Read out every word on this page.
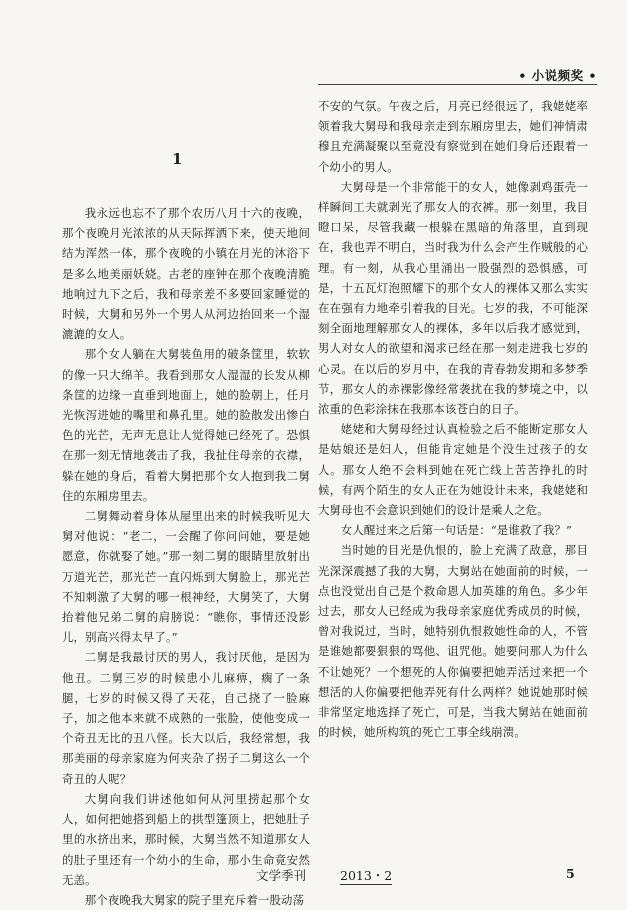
• 小说频奖 •
1

我永远也忘不了那个农历八月十六的夜晚，那个夜晚月光浓浓的从天际挥洒下来，使天地间结为浑然一体，那个夜晚的小镇在月光的沐浴下是多么地美丽妖娆。古老的座钟在那个夜晚清脆地响过九下之后，我和母亲差不多要回家睡觉的时候，大舅和另外一个男人从河边抬回来一个湿漉漉的女人。

那个女人躺在大舅装鱼用的破条筐里，软软的像一只大绵羊。我看到那女人湿湿的长发从柳条筐的边缘一直垂到地面上，她的脸朝上，任月光恢泻进她的嘴里和鼻孔里。她的脸散发出惨白色的光芒，无声无息让人觉得她已经死了。恐惧在那一刻无情地袭击了我，我扯住母亲的衣襟，躲在她的身后，看着大舅把那个女人抱到我二舅住的东厢房里去。

二舅舞动着身体从屋里出来的时候我听见大舅对他说：“老二，一会醒了你问问她，要是她愿意，你就娶了她。”那一刻二舅的眼睛里放射出万道光芒，那光芒一直闪烁到大舅脸上，那光芒不知刺激了大舅的哪一根神经，大舅笑了，大舅抬着他兄弟二舅的肩膀说：“瞧你，事情还没影儿，别高兴得太早了。”

二舅是我最讨厌的男人，我讨厌他，是因为他丑。二舅三岁的时候患小儿麻痹，瘸了一条腿，七岁的时候又得了天花，自己挠了一脸麻子，加之他本来就不成熟的一张脸，使他变成一个奇丑无比的丑八怪。长大以后，我经常想，我那美丽的母亲家庭为何夹杂了拐子二舅这么一个奇丑的人呢？

大舅向我们讲述他如何从河里捞起那个女人，如何把她搭到船上的拱型篷顶上，把她肚子里的水挤出来，那时候，大舅当然不知道那女人的肚子里还有一个幼小的生命，那小生命竟安然无恙。

那个夜晚我大舅家的院子里充斥着一股动荡

不安的气氛。午夜之后，月亮已经很远了，我姥姥率领着我大舅母和我母亲走到东厢房里去，她们神情肃穆且充满凝聚以至竟没有察觉到在她们身后还跟着一个幼小的男人。

大舅母是一个非常能干的女人，她像剥鸡蛋壳一样瞬间工夫就剥光了那女人的衣裤。那一刻里，我目瞪口呆，尽管我藏一根躲在黑暗的角落里，直到现在，我也弄不明白，当时我为什么会产生作贼般的心理。有一刻，从我心里涌出一股强烈的恐惧感，可是，十五瓦灯泡照耀下的那个女人的裸体又那么实实在在强有力地牵引着我的目光。七岁的我，不可能深刻全面地理解那女人的裸体，多年以后我才感觉到，男人对女人的欲望和渴求已经在那一刻走进我七岁的心灵。在以后的岁月中，在我的青春勃发期和多梦季节，那女人的赤裸影像经常袭扰在我的梦境之中，以浓重的色彩涂抹在我那本该苍白的日子。

姥姥和大舅母经过认真检验之后不能断定那女人是姑娘还是妇人，但能肯定她是个没生过孩子的女人。那女人绝不会料到她在死亡线上苦苦挣扎的时候，有两个陌生的女人正在为她设计未来，我姥姥和大舅母也不会意识到她们的设计是乘人之危。

女人醒过来之后第一句话是：“是谁救了我？”

当时她的目光是仇恨的，脸上充满了敌意，那目光深深震撼了我的大舅，大舅站在她面前的时候，一点也没觉出自己是个救命恩人加英雄的角色。多少年过去，那女人已经成为我母亲家庭优秀成员的时候，曾对我说过，当时，她特别仇恨救她性命的人，不管是谁她都要狠狠的骂他、诅咒他。她要问那人为什么不让她死？一个想死的人你偏要把她弄活过来把一个想活的人你偏要把他弄死有什么两样？她说她那时候非常坚定地选择了死亡，可是，当我大舅站在她面前的时候，她所构筑的死亡工事全线崩溃。

文学季刊	2013・2	5
